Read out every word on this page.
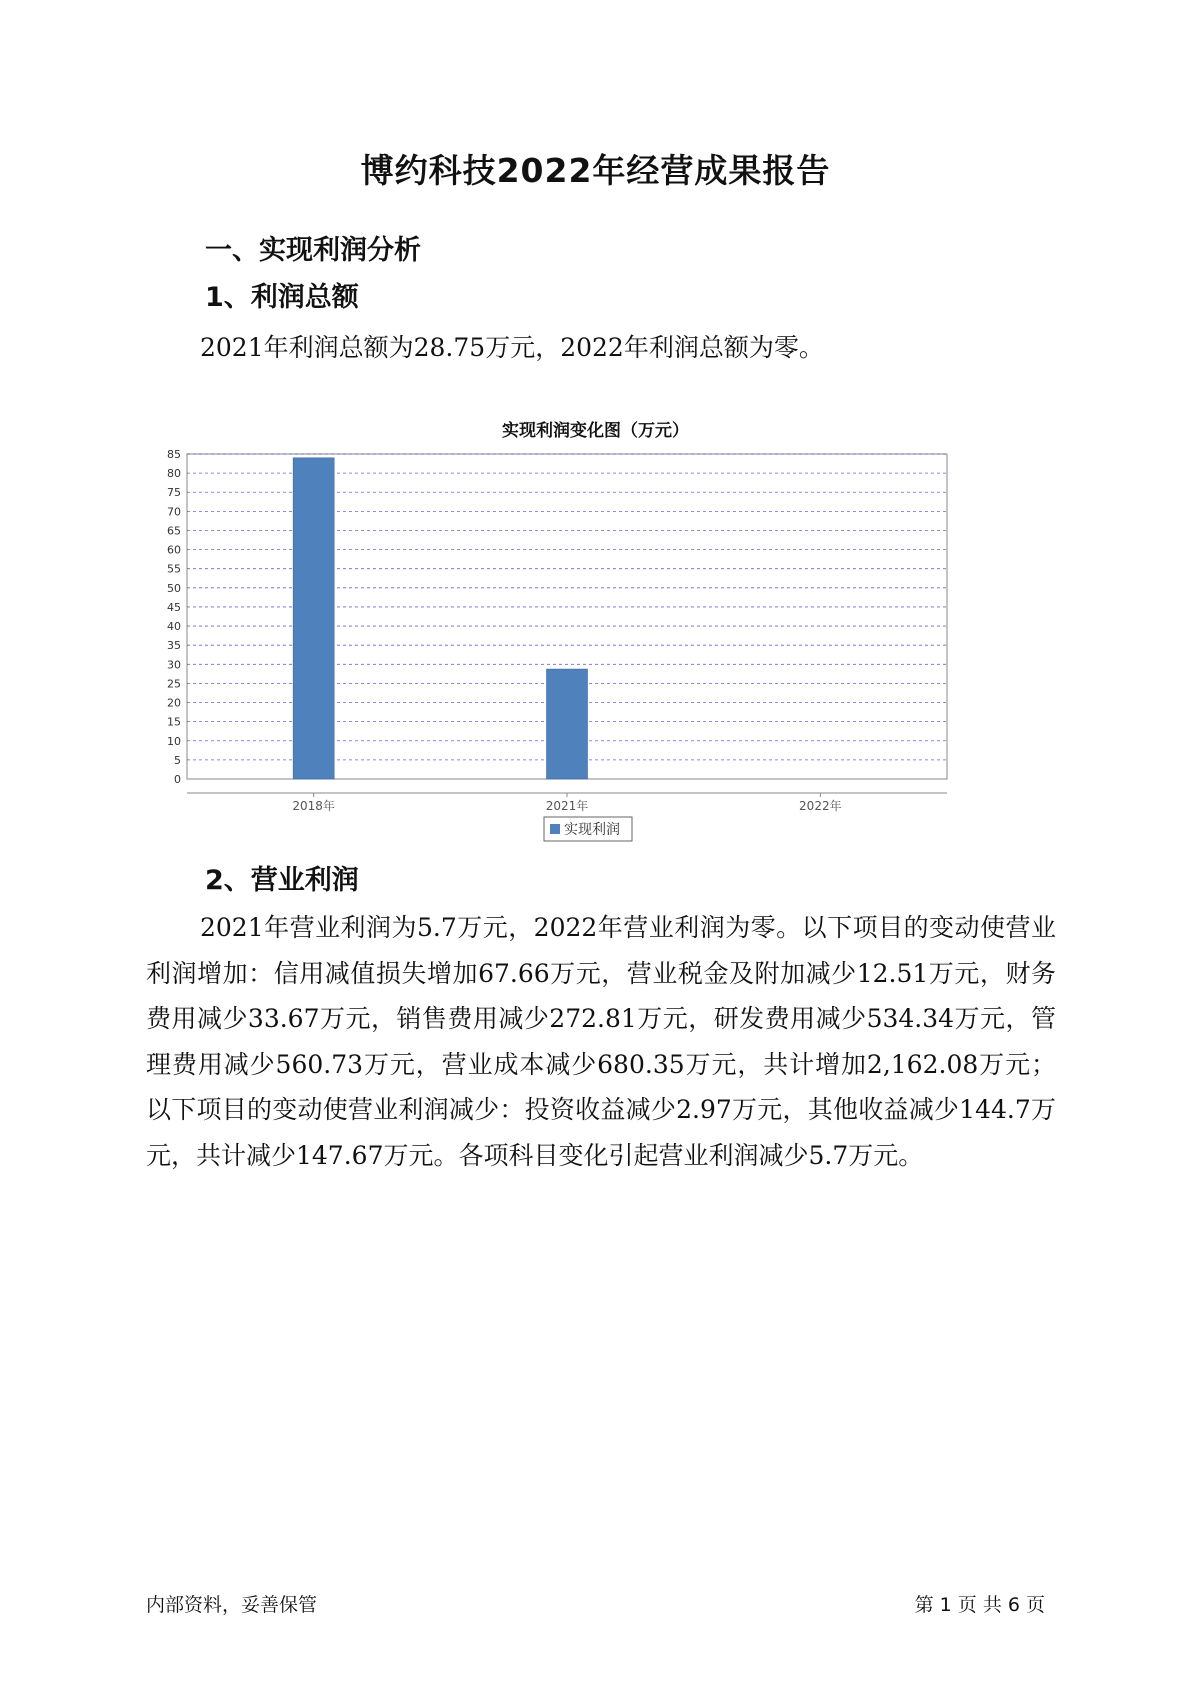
博约科技2022年经营成果报告
一、实现利润分析
1、利润总额
2021年利润总额为28.75万元，2022年利润总额为零。
实现利润变化图（万元）
0
5
10
15
20
25
30
35
40
45
50
55
60
65
70
75
80
85
2018年	2021年	2022年
实现利润
2、营业利润
2021年营业利润为5.7万元，2022年营业利润为零。以下项目的变动使营业利润增加：信用减值损失增加67.66万元，营业税金及附加减少12.51万元，财务费用减少33.67万元，销售费用减少272.81万元，研发费用减少534.34万元，管理费用减少560.73万元，营业成本减少680.35万元，共计增加2,162.08万元；以下项目的变动使营业利润减少：投资收益减少2.97万元，其他收益减少144.7万元，共计减少147.67万元。各项科目变化引起营业利润减少5.7万元。
内部资料，妥善保管	第 1 页 共 6 页
